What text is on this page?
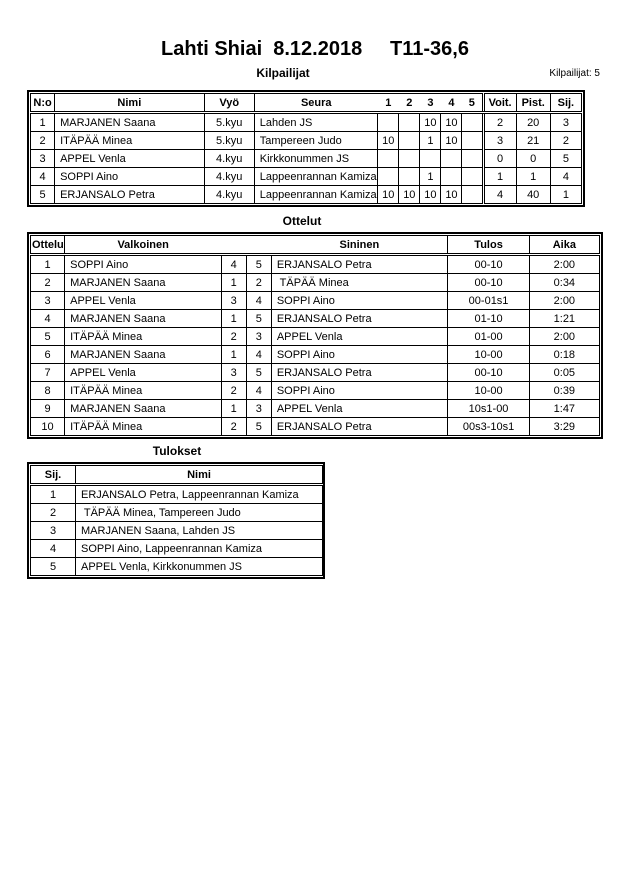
Lahti Shiai  8.12.2018     T11-36,6
Kilpailijat	Kilpailijat: 5
N:o	Nimi	Vyö	Seura	1	2	3	4	5	Voit.	Pist.	Sij.
1	MARJANEN Saana	5.kyu	Lahden JS			10	10		2	20	3
2	ITÄPÄÄ Minea	5.kyu	Tampereen Judo	10		1	10		3	21	2
3	APPEL Venla	4.kyu	Kirkkonummen JS						0	0	5
4	SOPPI Aino	4.kyu	Lappeenrannan Kamiza			1			1	1	4
5	ERJANSALO Petra	4.kyu	Lappeenrannan Kamiza	10	10	10	10		4	40	1
Ottelut
Ottelu	Valkoinen			Sininen	Tulos	Aika
1	SOPPI Aino	4	5	ERJANSALO Petra	00-10	2:00
2	MARJANEN Saana	1	2	TÄPÄÄ Minea	00-10	0:34
3	APPEL Venla	3	4	SOPPI Aino	00-01s1	2:00
4	MARJANEN Saana	1	5	ERJANSALO Petra	01-10	1:21
5	ITÄPÄÄ Minea	2	3	APPEL Venla	01-00	2:00
6	MARJANEN Saana	1	4	SOPPI Aino	10-00	0:18
7	APPEL Venla	3	5	ERJANSALO Petra	00-10	0:05
8	ITÄPÄÄ Minea	2	4	SOPPI Aino	10-00	0:39
9	MARJANEN Saana	1	3	APPEL Venla	10s1-00	1:47
10	ITÄPÄÄ Minea	2	5	ERJANSALO Petra	00s3-10s1	3:29
Tulokset
Sij.	Nimi
1	ERJANSALO Petra, Lappeenrannan Kamiza
2	TÄPÄÄ Minea, Tampereen Judo
3	MARJANEN Saana, Lahden JS
4	SOPPI Aino, Lappeenrannan Kamiza
5	APPEL Venla, Kirkkonummen JS
